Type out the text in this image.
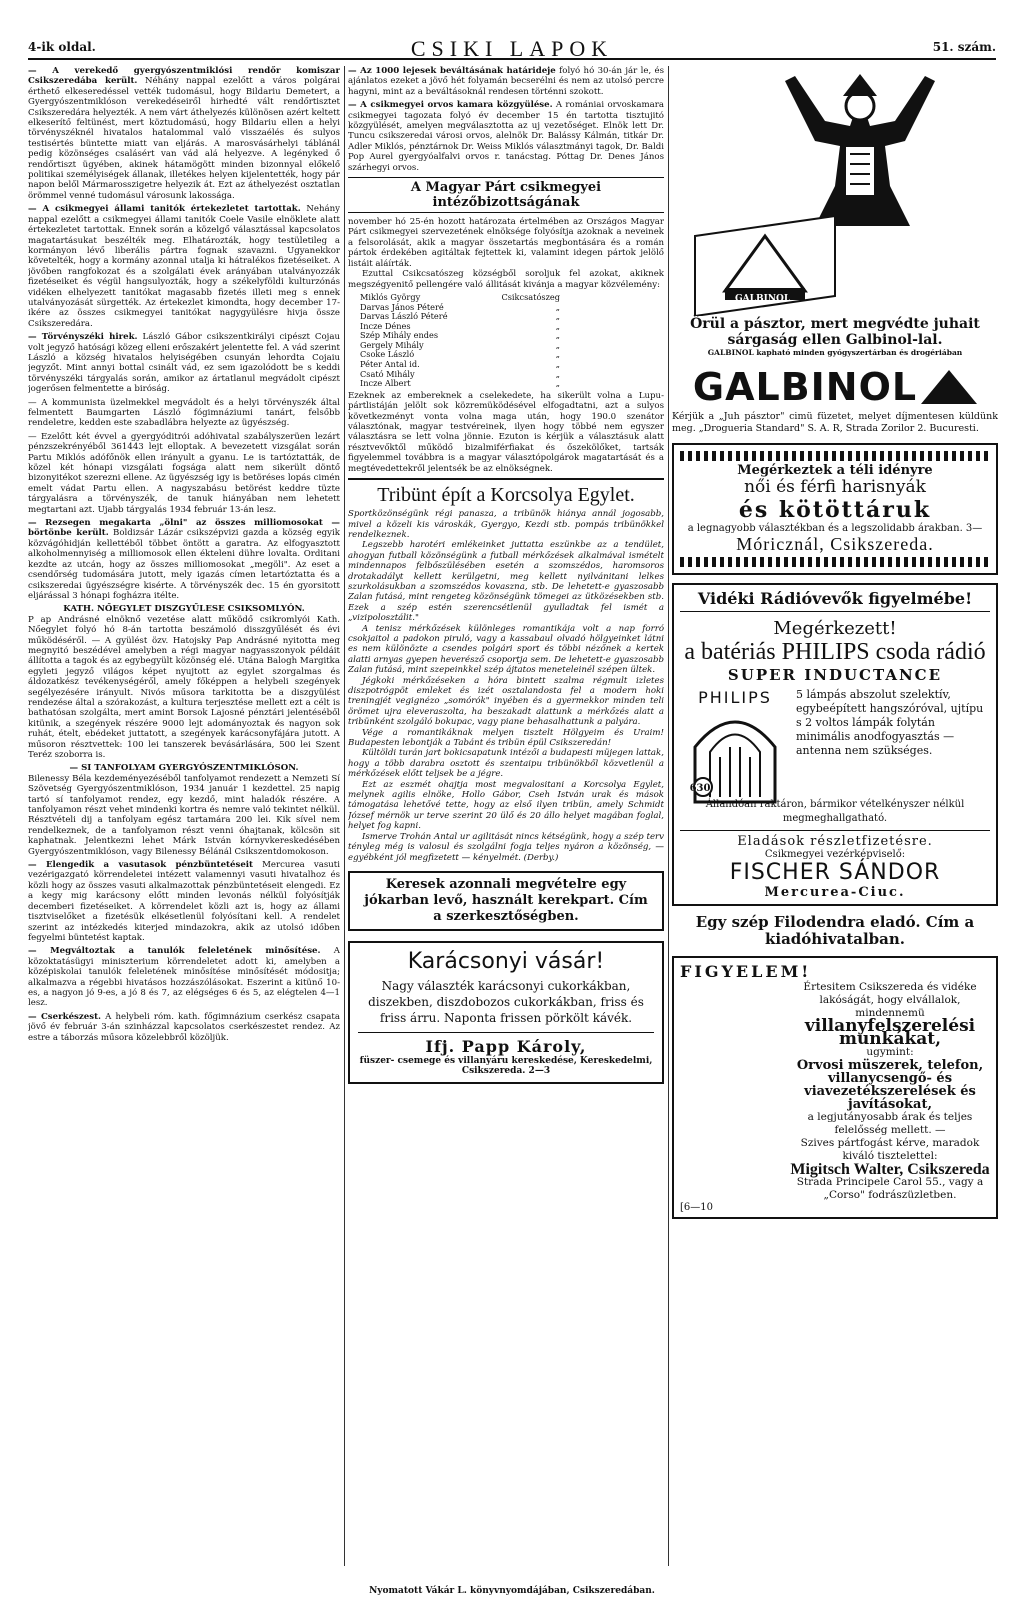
4-ik oldal.	CSIKI LAPOK	51. szám.
— A verekedő gyergyószentmiklósi rendőr komiszar Csikszeredába került. Néhány nappal ezelőtt a város polgárai érthető elkeseredéssel vették tudomásul, hogy Bildariu Demetert, a Gyergyószentmiklóson verekedéseiről hirhedté vált rendőrtisztet Csikszeredára helyezték. A nem várt áthelyezés különösen azért keltett elkeserítő feltünést, mert köztudomású, hogy Bildariu ellen a helyi törvényszéknél hivatalos hatalommal való visszaélés és sulyos testisértés büntette miatt van eljárás. A marosvásárhelyi táblánál pedig közönséges csalásért van vád alá helyezve. A legényked ő rendőrtiszt ügyében, akinek hátamögött minden bizonnyal előkelő politikai személyiségek állanak, illetékes helyen kijelentették, hogy pár napon belől Mármarosszigetre helyezik át. Ezt az áthelyezést osztatlan örömmel venné tudomásul városunk lakossága.
— A csikmegyei állami tanitók értekezletet tartottak. Nehány nappal ezelőtt a csikmegyei állami tanitók Coele Vasile elnöklete alatt értekezletet tartottak. Ennek során a közelgő választással kapcsolatos magatartásukat beszélték meg. Elhatározták, hogy testületileg a kormányon lévő liberális pártra fognak szavazni. Ugyanekkor követelték, hogy a kormány azonnal utalja ki hátralékos fizetéseiket. A jövőben rangfokozat és a szolgálati évek arányában utalványozzák fizetéseiket és végül hangsulyozták, hogy a székelyföldi kulturzónás vidéken elhelyezett tanitókat magasabb fizetés illeti meg s ennek utalványozását sürgették. Az értekezlet kimondta, hogy december 17-ikére az összes csikmegyei tanitókat nagygyülésre hivja össze Csikszeredára.
— Törvényszéki hirek. László Gábor csikszentkirályi cipészt Cojau volt jegyző hatósági közeg elleni erőszakért jelentette fel. A vád szerint László a község hivatalos helyiségében csunyán lehordta Cojaiu jegyzőt. Mint annyi bottal csinált vád, ez sem igazolódott be s keddi törvényszéki tárgyalás során, amikor az ártatlanul megvádolt cipészt jogerősen felmentette a biróság.
— A kommunista üzelmekkel megvádolt és a helyi törvényszék által felmentett Baumgarten László fógimnáziumi tanárt, felsőbb rendeletre, kedden este szabadlábra helyezte az ügyészség.
— Ezelőtt két évvel a gyergyóditrói adóhivatal szabályszerüen lezárt pénzszekrényéből 361443 lejt elloptak. A bevezetett vizsgálat során Partu Miklós adófőnök ellen irányult a gyanu. Le is tartóztatták, de közel két hónapi vizsgálati fogsága alatt nem sikerült döntő bizonyitékot szerezni ellene. Az ügyészség igy is betöréses lopás cimén emelt vádat Partu ellen. A nagyszabásu betörést keddre tüzte tárgyalásra a törvényszék, de tanuk hiányában nem lehetett megtartani azt. Ujabb tárgyalás 1934 február 13-án lesz.
— Rezsegen megakarta „ölni" az összes milliomosokat — börtönbe került. Boldizsár Lázár csikszépvizi gazda a község egyik közvágóhidján kellettéből többet öntött a garatra. Az elfogyasztott alkoholmennyiség a milliomosok ellen ékteleni dühre lovalta. Orditani kezdte az utcán, hogy az összes milliomosokat „megöli". Az eset a csendőrség tudomására jutott, mely igazás címen letartóztatta és a csikszeredai ügyészségre kisérte. A törvényszék dec. 15 én gyorsitott eljárással 3 hónapi fogházra itélte.
KATH. NŐEGYLET DISZGYŰLESE CSIKSOMLYÓN.
P ap Andrásné elnöknő vezetése alatt működő csikromlyói Kath. Nőegylet folyó hó 8-án tartotta beszámoló disszgyűlését és évi működéséről. — A gyülést özv. Hatojsky Pap Andrásné nyitotta meg megnyitó beszédével amelyben a régi magyar nagyasszonyok példáit állította a tagok és az egybegyült közönség elé. Utána Balogh Margitka egyleti jegyző világos képet nyujtott az egylet szorgalmas és áldozatkész tevékenységéről, amely főképpen a helybeli szegények segélyezésére irányult. Nivós műsora tarkitotta be a diszgyülést rendezése által a szórakozást, a kultura terjesztése mellett ezt a célt is bathatósan szolgálta, mert amint Borsok Lajosné pénztári jelentéséből kitünik, a szegények részére 9000 lejt adományoztak és nagyon sok ruhát, ételt, ebédeket juttatott, a szegények karácsonyfájára jutott. A műsoron résztvettek: 100 lei tanszerek bevásárlására, 500 lei Szent Teréz szoborra is.
— SI TANFOLYAM GYERGYÓSZENTMIKLÓSON.
Bilenessy Béla kezdeményezéséből tanfolyamot rendezett a Nemzeti Sí Szövetség Gyergyószentmiklóson, 1934 január 1 kezdettel. 25 napig tartó sí tanfolyamot rendez, egy kezdő, mint haladók részére. A tanfolyamon részt vehet mindenki kortra és nemre való tekintet nélkül. Résztvételi dij a tanfolyam egész tartamára 200 lei. Kik sível nem rendelkeznek, de a tanfolyamon részt venni óhajtanak, kölcsön sit kaphatnak. Jelentkezni lehet Márk István kórnyvkereskedésében Gyergyószentmiklóson, vagy Bilenessy Bélánál Csikszentdomokoson.
— Elengedik a vasutasok pénzbüntetéseit Mercurea vasuti vezérigazgató körrendeletei intézett valamennyi vasuti hivatalhoz és közli hogy az összes vasuti alkalmazottak pénzbüntetéseit elengedi. Ez a kegy mig karácsony előtt minden levonás nélkül folyósítják decemberi fizetéseiket. A körrendelet közli azt is, hogy az állami tisztviselőket a fizetésük elkésetlenül folyósítani kell. A rendelet szerint az intézkedés kiterjed mindazokra, akik az utolsó időben fegyelmi büntetést kaptak.
— Megváltoztak a tanulók feleletének minősítése. A közoktatásügyi miniszterium körrendeletet adott ki, amelyben a középiskolai tanulók feleletének minősítése minősítését módositja; alkalmazva a régebbi hivatásos hozzászólásokat. Eszerint a kitünő 10-es, a nagyon jó 9-es, a jó 8 és 7, az elégséges 6 és 5, az elégtelen 4—1 lesz.
— Cserkészest. A helybeli róm. kath. főgimnázium cserkész csapata jövő év február 3-án szinházzal kapcsolatos cserkészestet rendez. Az estre a táborzás műsora közelebbről közöljük.
— Az 1000 lejesek beváltásának határideje folyó hó 30-án jár le, és ajánlatos ezeket a jövő hét folyamán becserélni és nem az utolsó percre hagyni, mint az a beváltásoknál rendesen történni szokott.
— A csikmegyei orvos kamara közgyülése. A romániai orvoskamara csikmegyei tagozata folyó év december 15 én tartotta tisztujitó közgyülését, amelyen megválasztotta az uj vezetőséget. Elnök lett Dr. Tuncu csikszeredai városi orvos, alelnök Dr. Balássy Kálmán, titkár Dr. Adler Miklós, pénztárnok Dr. Weiss Miklós választmányi tagok, Dr. Baldi Pop Aurel gyergyóalfalvi orvos r. tanácstag. Póttag Dr. Denes János szárhegyi orvos.
A Magyar Párt csikmegyei intézőbizottságának

november hó 25-én hozott határozata értelmében az Országos Magyar Párt csikmegyei szervezetének elnöksége folyósítja azoknak a neveinek a felsorolását, akik a magyar összetartás megbontására és a román pártok érdekében agitáltak fejtettek ki, valamint idegen pártok jelölő listáit aláírták.

Ezuttal Csikcsatószeg községből soroljuk fel azokat, akiknek megszégyenitő pellengére való állitását kivánja a magyar közvélemény:

Miklós György	Csikcsatószeg
Darvas János Péteré	„
Darvas László Péteré	„
Incze Dénes	„
Szép Mihály endes	„
Gergely Mihály	„
Csoke László	„
Péter Antal id.	„
Csató Mihály	„
Incze Albert	„

Ezeknek az embereknek a cselekedete, ha sikerült volna a Lupu-pártlistáján jelölt sok közremüködésével elfogadtatni, azt a sulyos következményt vonta volna maga után, hogy 190.0 szenátor választónak, magyar testvéreinek, ilyen hogy többé nem egyszer választásra se lett volna jönnie. Ezuton is kérjük a választásuk alatt résztvevőktől működő bizalmiférfiakat és őszekölőket, tartsák figyelemmel továbbra is a magyar választópolgárok magatartását és a megtévedettekről jelentsék be az elnökségnek.

Tribünt épít a Korcsolya Egylet.

Sportközönségünk régi panasza, a tribünök hiánya annál jogosabb, mivel a közeli kis városkák, Gyergyo, Kezdi stb. pompás tribünökkel rendelkeznek.

Legszebb harotéri emlékeinket juttatta eszünkbe az a tendület, ahogyan futball közönségünk a futball mérkőzések alkalmával ismételt mindennapos felbőszülésében esetén a szomszédos, haromsoros drotakadályt kellett kerülgetni, meg kellett nyilvánitani lelkes szurkolásukban a szomszédos kovaszna, stb. De lehetett-e gyaszosabb Zalan futásá, mint rengeteg közönségünk tömegei az ütközésekben stb. Ezek a szép estén szerencsétlenül gyulladtak fel ismét a „vizipolosztálit."

A tenisz mérkőzések különleges romantikája volt a nap forró csokjaitol a padokon piruló, vagy a kassabaul olvadó hölgyeinket látni es nem különözte a csendes polgári sport és többi nézőnek a kertek alatti arnyas gyepen heverésző csoportja sem. De lehetett-e gyaszosabb Zalan futásá, mint szepeinkkel szép ájtatos meneteleinél szépen ültek.

Jégkoki mérkőzéseken a hóra bintett szalma régmult izletes diszpotrógpöt emleket és izét osztalandosta fel a modern hoki treningjét vegignézo „somórók" inyében és a gyermekkor minden teli örömet ujra eleveraszolta, ha beszakadt alattunk a mérkőzés alatt a tribünként szolgáló bokupac, vagy piane behasalhattunk a palyára.

Vége a romantikáknak melyen tisztelt Hölgyeim és Uraim! Budapesten lebontják a Tabánt és tribün épül Csikszeredán!

Kültöldi turán jart bokicsapatunk intézői a budapesti müjegen lattak, hogy a több darabra osztott és szentaipu tribünökből közvetlenül a mérkőzések előtt teljsek be a jégre.

Ezt az eszmét ohajtja most megvalositani a Korcsolya Egylet, melynek agilis elnöke, Hollo Gábor, Cseh István urak és mások támogatása lehetővé tette, hogy az első ilyen tribün, amely Schmidt József mérnök ur terve szerint 20 ülő és 20 állo helyet magában foglal, helyet fog kapni.

Ismerve Trohán Antal ur agilitását nincs kétségünk, hogy a szép terv tényleg még is valosul és szolgálni fogja teljes nyáron a közönség, — egyébként jól megfizetett — kényelmét. (Derby.)

Keresek azonnali megvételre egy jókarban levő, használt kerekpart. Cím a szerkesztőségben.
Karácsonyi vásár!
Nagy választék karácsonyi cukorkákban, diszekben, diszdobozos cukorkákban, friss és friss árru. Naponta frissen pörkölt kávék.
Ifj. Papp Károly,
füszer- csemege és villanyáru kereskedése, Kereskedelmi, Csikszereda. 2—3
GALBINOL
Örül a pásztor, mert megvédte juhait sárgaság ellen Galbinol-lal.
GALBINOL kapható minden gyógyszertárban és drogériában
GALBINOL
Kérjük a „Juh pásztor" cimü füzetet, melyet díjmentesen küldünk meg. „Drogueria Standard" S. A. R, Strada Zorilor 2. Bucuresti.
Megérkeztek a téli idényre
női és férfi harisnyák
és kötöttáruk
a legnagyobb választékban és a legszolidabb árakban. 3—
Móricznál, Csikszereda.
Vidéki Rádióvevők figyelmébe!
Megérkezett!
a batériás PHILIPS csoda rádió
SUPER INDUCTANCE
PHILIPS
630
5 lámpás abszolut szelektív, egybeépített hangszóróval, ujtípu s 2 voltos lámpák folytán minimális anodfogyasztás — antenna nem szükséges.
Állandóan raktáron, bármikor vételkényszer nélkül megmeghallgatható.
Eladások részletfizetésre.
Csikmegyei vezérképviselő:
FISCHER SÁNDOR
Mercurea-Ciuc.
Egy szép Filodendra eladó. Cím a kiadóhivatalban.
FIGYELEM!
Értesitem Csikszereda és vidéke lakóságát, hogy elvállalok, mindennemü
villanyfelszerelési munkákat,
ugymint:
Orvosi müszerek, telefon, villanycsengő- és viavezetékszerelések és javításokat,
a legjutányosabb árak és teljes felelősség mellett. —
Szives pártfogást kérve, maradok kiváló tisztelettel:
Migitsch Walter, Csikszereda
Strada Principele Carol 55., vagy a „Corso" fodrászüzletben.
[6—10
Nyomatott Vákár L. könyvnyomdájában, Csikszeredában.
